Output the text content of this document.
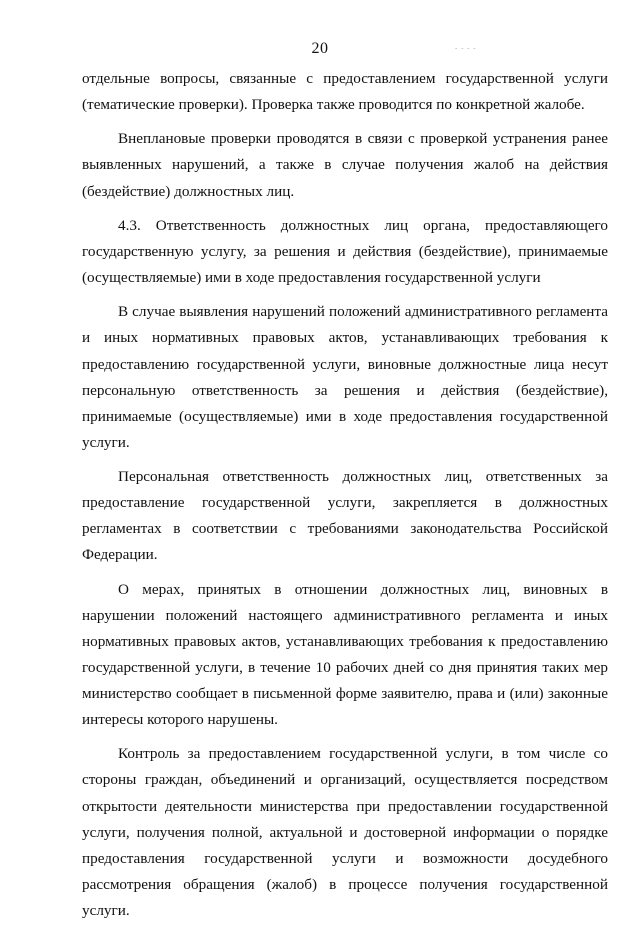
20	- - - -

отдельные вопросы, связанные с предоставлением государственной услуги (тематические проверки). Проверка также проводится по конкретной жалобе.

Внеплановые проверки проводятся в связи с проверкой устранения ранее выявленных нарушений, а также в случае получения жалоб на действия (бездействие) должностных лиц.

4.3. Ответственность должностных лиц органа, предоставляющего государственную услугу, за решения и действия (бездействие), принимаемые (осуществляемые) ими в ходе предоставления государственной услуги

В случае выявления нарушений положений административного регламента и иных нормативных правовых актов, устанавливающих требования к предоставлению государственной услуги, виновные должностные лица несут персональную ответственность за решения и действия (бездействие), принимаемые (осуществляемые) ими в ходе предоставления государственной услуги.

Персональная ответственность должностных лиц, ответственных за предоставление государственной услуги, закрепляется в должностных регламентах в соответствии с требованиями законодательства Российской Федерации.

О мерах, принятых в отношении должностных лиц, виновных в нарушении положений настоящего административного регламента и иных нормативных правовых актов, устанавливающих требования к предоставлению государственной услуги, в течение 10 рабочих дней со дня принятия таких мер министерство сообщает в письменной форме заявителю, права и (или) законные интересы которого нарушены.

Контроль за предоставлением государственной услуги, в том числе со стороны граждан, объединений и организаций, осуществляется посредством открытости деятельности министерства при предоставлении государственной услуги, получения полной, актуальной и достоверной информации о порядке предоставления государственной услуги и возможности досудебного рассмотрения обращения (жалоб) в процессе получения государственной услуги.
